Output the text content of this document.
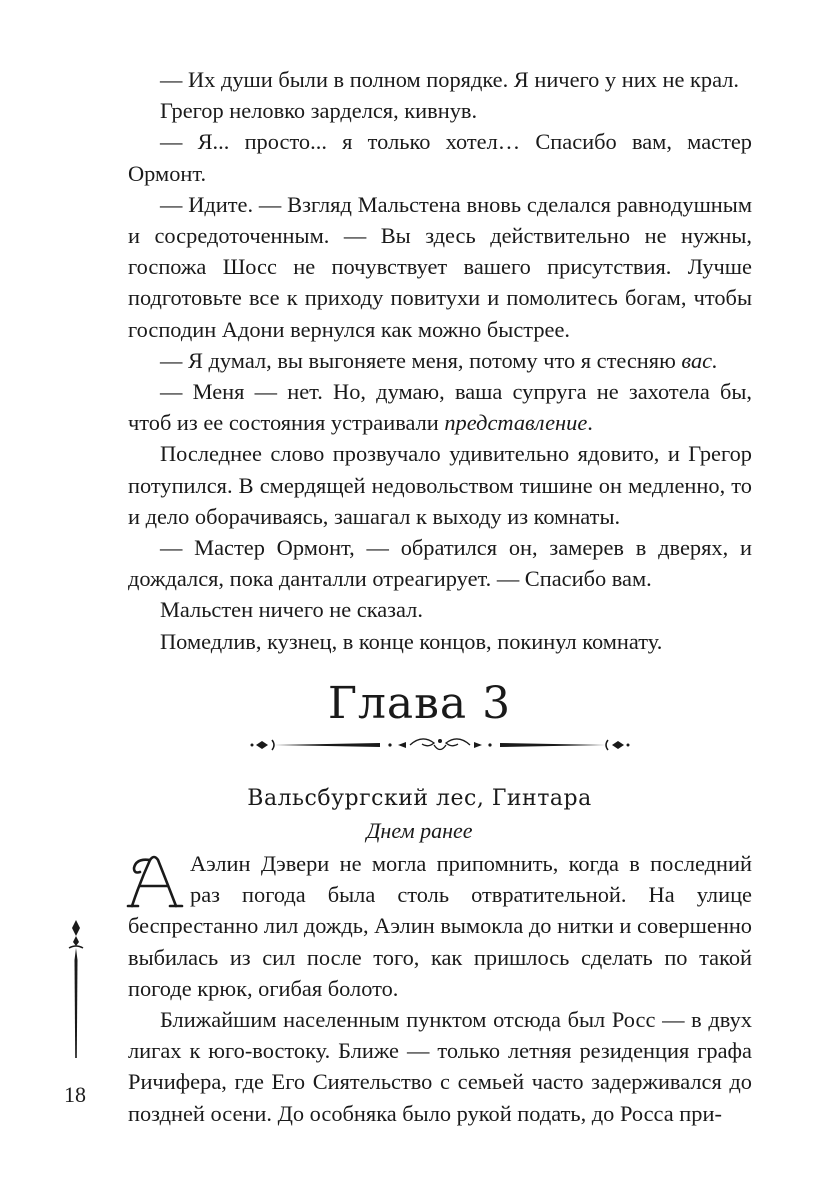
— Их души были в полном порядке. Я ничего у них не крал.

Грегор неловко зарделся, кивнув.

— Я... просто... я только хотел… Спасибо вам, мастер Ормонт.

— Идите. — Взгляд Мальстена вновь сделался равнодушным и сосредоточенным. — Вы здесь действительно не нужны, госпожа Шосс не почувствует вашего присутствия. Лучше подготовьте все к приходу повитухи и помолитесь богам, чтобы господин Адони вернулся как можно быстрее.

— Я думал, вы выгоняете меня, потому что я стесняю вас.

— Меня — нет. Но, думаю, ваша супруга не захотела бы, чтоб из ее состояния устраивали представление.

Последнее слово прозвучало удивительно ядовито, и Грегор потупился. В смердящей недовольством тишине он медленно, то и дело оборачиваясь, зашагал к выходу из комнаты.

— Мастер Ормонт, — обратился он, замерев в дверях, и дождался, пока данталли отреагирует. — Спасибо вам.

Мальстен ничего не сказал.

Помедлив, кузнец, в конце концов, покинул комнату.

Глава 3
Вальсбургский лес, Гинтара
Днем ранее

Аэлин Дэвери не могла припомнить, когда в последний раз погода была столь отвратительной. На улице беспрестанно лил дождь, Аэлин вымокла до нитки и совершенно выбилась из сил после того, как пришлось сделать по такой погоде крюк, огибая болото.

Ближайшим населенным пунктом отсюда был Росс — в двух лигах к юго-востоку. Ближе — только летняя резиденция графа Ричифера, где Его Сиятельство с семьей часто задерживался до поздней осени. До особняка было рукой подать, до Росса при-

18
